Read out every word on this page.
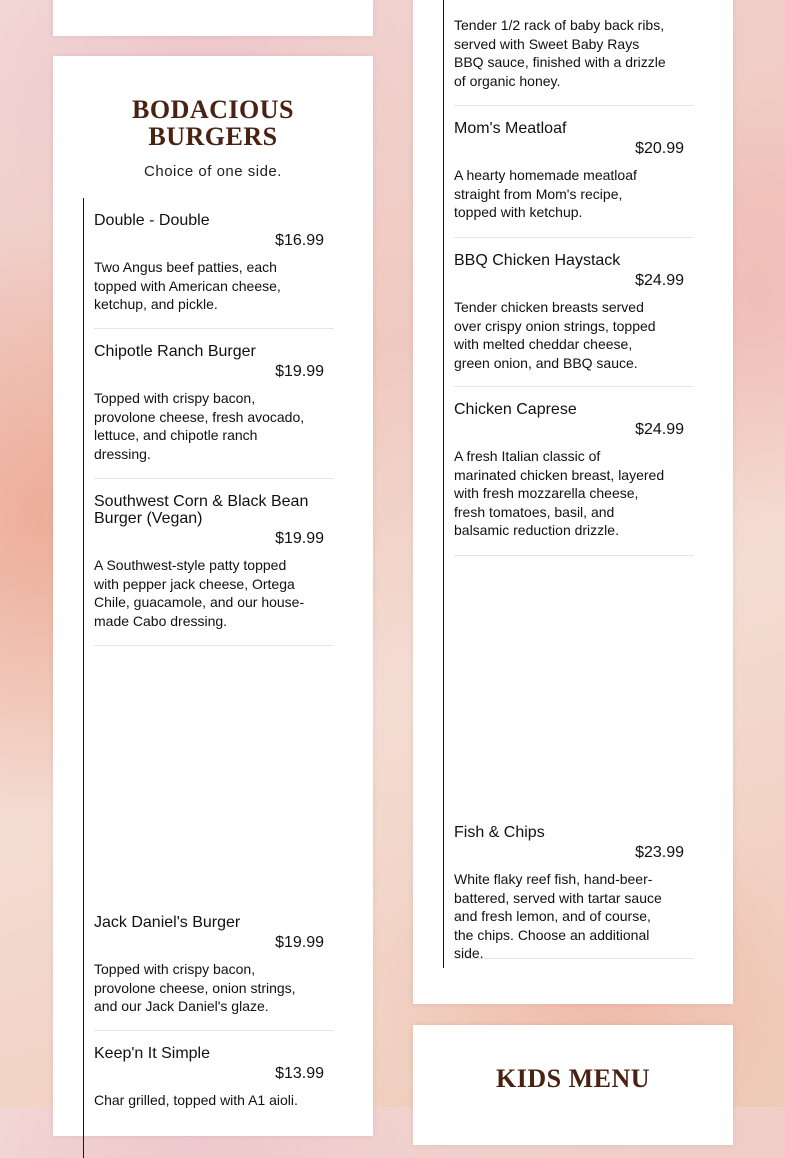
BODACIOUS
BURGERS
Choice of one side.
Double - Double
$16.99
Two Angus beef patties, each topped with American cheese, ketchup, and pickle.
Chipotle Ranch Burger
$19.99
Topped with crispy bacon, provolone cheese, fresh avocado, lettuce, and chipotle ranch dressing.
Southwest Corn & Black Bean Burger (Vegan)
$19.99
A Southwest-style patty topped with pepper jack cheese, Ortega Chile, guacamole, and our house-made Cabo dressing.
Jack Daniel's Burger
$19.99
Topped with crispy bacon, provolone cheese, onion strings, and our Jack Daniel's glaze.
Keep'n It Simple
$13.99
Char grilled, topped with A1 aioli.
Tender 1/2 rack of baby back ribs, served with Sweet Baby Rays BBQ sauce, finished with a drizzle of organic honey.
Mom's Meatloaf
$20.99
A hearty homemade meatloaf straight from Mom's recipe, topped with ketchup.
BBQ Chicken Haystack
$24.99
Tender chicken breasts served over crispy onion strings, topped with melted cheddar cheese, green onion, and BBQ sauce.
Chicken Caprese
$24.99
A fresh Italian classic of marinated chicken breast, layered with fresh mozzarella cheese, fresh tomatoes, basil, and balsamic reduction drizzle.
Fish & Chips
$23.99
White flaky reef fish, hand-beer-battered, served with tartar sauce and fresh lemon, and of course, the chips. Choose an additional side.
KIDS MENU
